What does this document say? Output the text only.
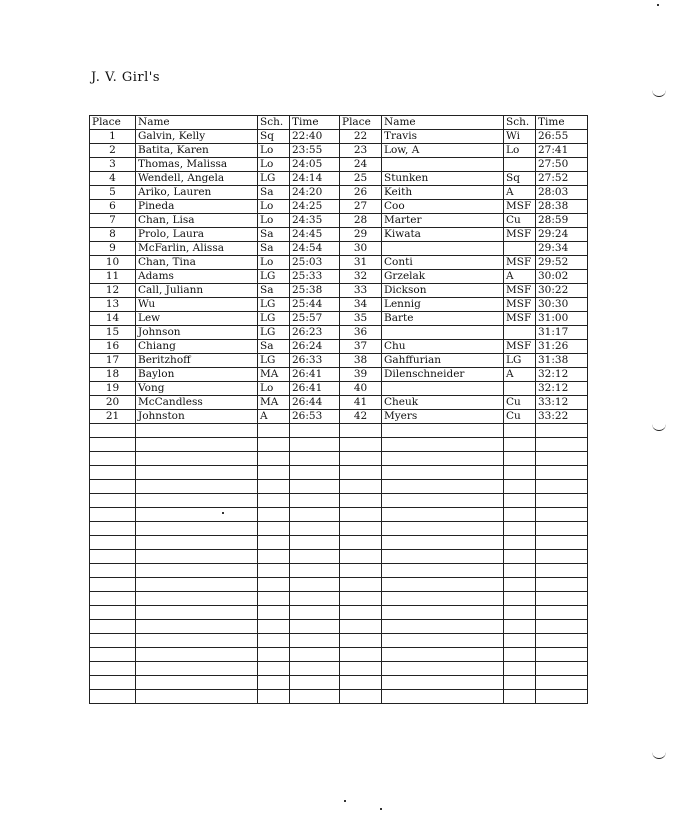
J. V. Girl's
Place	Name	Sch.	Time	Place	Name	Sch.	Time
1	Galvin, Kelly	Sq	22:40	22	Travis	Wi	26:55
2	Batita, Karen	Lo	23:55	23	Low, A	Lo	27:41
3	Thomas, Malissa	Lo	24:05	24			27:50
4	Wendell, Angela	LG	24:14	25	Stunken	Sq	27:52
5	Ariko, Lauren	Sa	24:20	26	Keith	A	28:03
6	Pineda	Lo	24:25	27	Coo	MSF	28:38
7	Chan, Lisa	Lo	24:35	28	Marter	Cu	28:59
8	Prolo, Laura	Sa	24:45	29	Kiwata	MSF	29:24
9	McFarlin, Alissa	Sa	24:54	30			29:34
10	Chan, Tina	Lo	25:03	31	Conti	MSF	29:52
11	Adams	LG	25:33	32	Grzelak	A	30:02
12	Call, Juliann	Sa	25:38	33	Dickson	MSF	30:22
13	Wu	LG	25:44	34	Lennig	MSF	30:30
14	Lew	LG	25:57	35	Barte	MSF	31:00
15	Johnson	LG	26:23	36			31:17
16	Chiang	Sa	26:24	37	Chu	MSF	31:26
17	Beritzhoff	LG	26:33	38	Gahffurian	LG	31:38
18	Baylon	MA	26:41	39	Dilenschneider	A	32:12
19	Vong	Lo	26:41	40			32:12
20	McCandless	MA	26:44	41	Cheuk	Cu	33:12
21	Johnston	A	26:53	42	Myers	Cu	33:22
